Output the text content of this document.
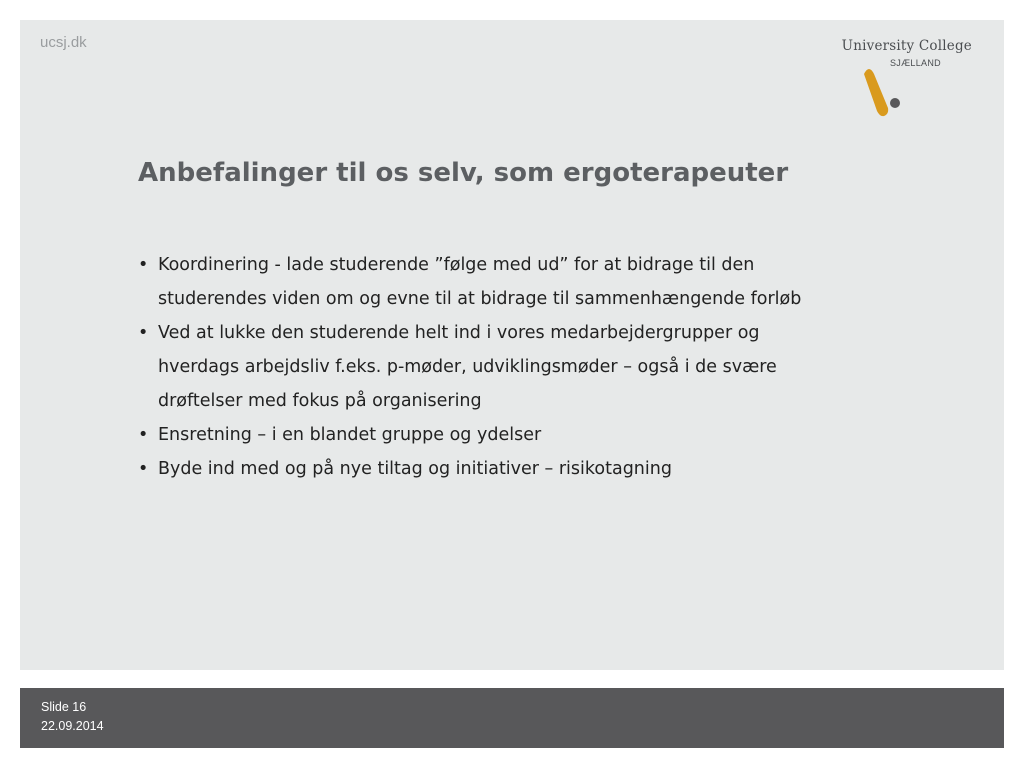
ucsj.dk	University College
SJÆLLAND
Anbefalinger til os selv, som ergoterapeuter
• Koordinering - lade studerende ”følge med ud” for at bidrage til den
studerendes viden om og evne til at bidrage til sammenhængende forløb
• Ved at lukke den studerende helt ind i vores medarbejdergrupper og
hverdags arbejdsliv f.eks. p-møder, udviklingsmøder – også i de svære
drøftelser med fokus på organisering
• Ensretning – i en blandet gruppe og ydelser
• Byde ind med og på nye tiltag og initiativer – risikotagning
Slide 16
22.09.2014
